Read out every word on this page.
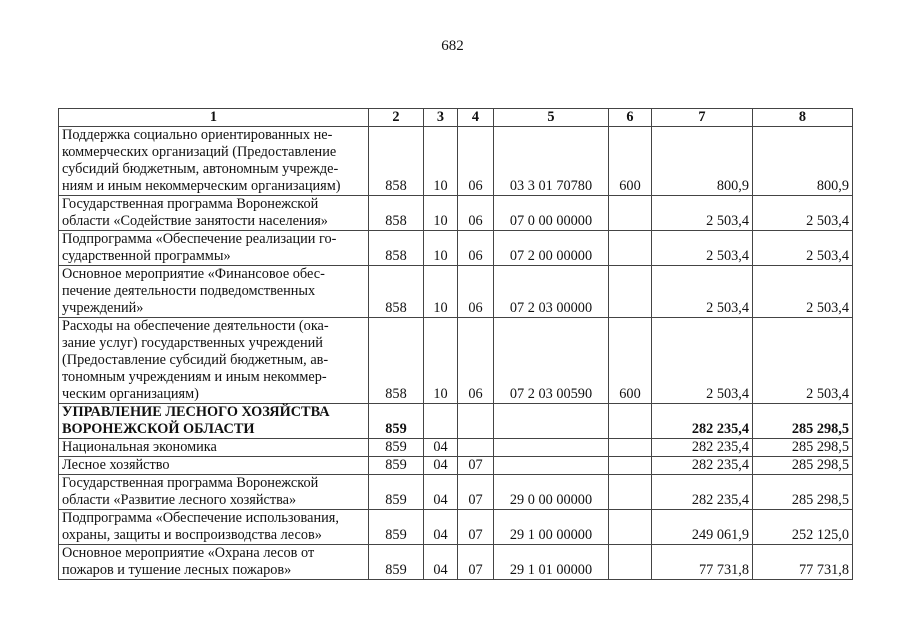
682
1	2	3	4	5	6	7	8
Поддержка социально ориентированных не-
коммерческих организаций (Предоставление
субсидий бюджетным, автономным учрежде-
ниям и иным некоммерческим организациям)	858	10	06	03 3 01 70780	600	800,9	800,9
Государственная программа Воронежской
области «Содействие занятости населения»	858	10	06	07 0 00 00000		2 503,4	2 503,4
Подпрограмма «Обеспечение реализации го-
сударственной программы»	858	10	06	07 2 00 00000		2 503,4	2 503,4
Основное мероприятие «Финансовое обес-
печение деятельности подведомственных
учреждений»	858	10	06	07 2 03 00000		2 503,4	2 503,4
Расходы на обеспечение деятельности (ока-
зание услуг) государственных учреждений
(Предоставление субсидий бюджетным, ав-
тономным учреждениям и иным некоммер-
ческим организациям)	858	10	06	07 2 03 00590	600	2 503,4	2 503,4
УПРАВЛЕНИЕ ЛЕСНОГО ХОЗЯЙСТВА
ВОРОНЕЖСКОЙ ОБЛАСТИ	859					282 235,4	285 298,5
Национальная экономика	859	04				282 235,4	285 298,5
Лесное хозяйство	859	04	07			282 235,4	285 298,5
Государственная программа Воронежской
области «Развитие лесного хозяйства»	859	04	07	29 0 00 00000		282 235,4	285 298,5
Подпрограмма «Обеспечение использования,
охраны, защиты и воспроизводства лесов»	859	04	07	29 1 00 00000		249 061,9	252 125,0
Основное мероприятие «Охрана лесов от
пожаров и тушение лесных пожаров»	859	04	07	29 1 01 00000		77 731,8	77 731,8
